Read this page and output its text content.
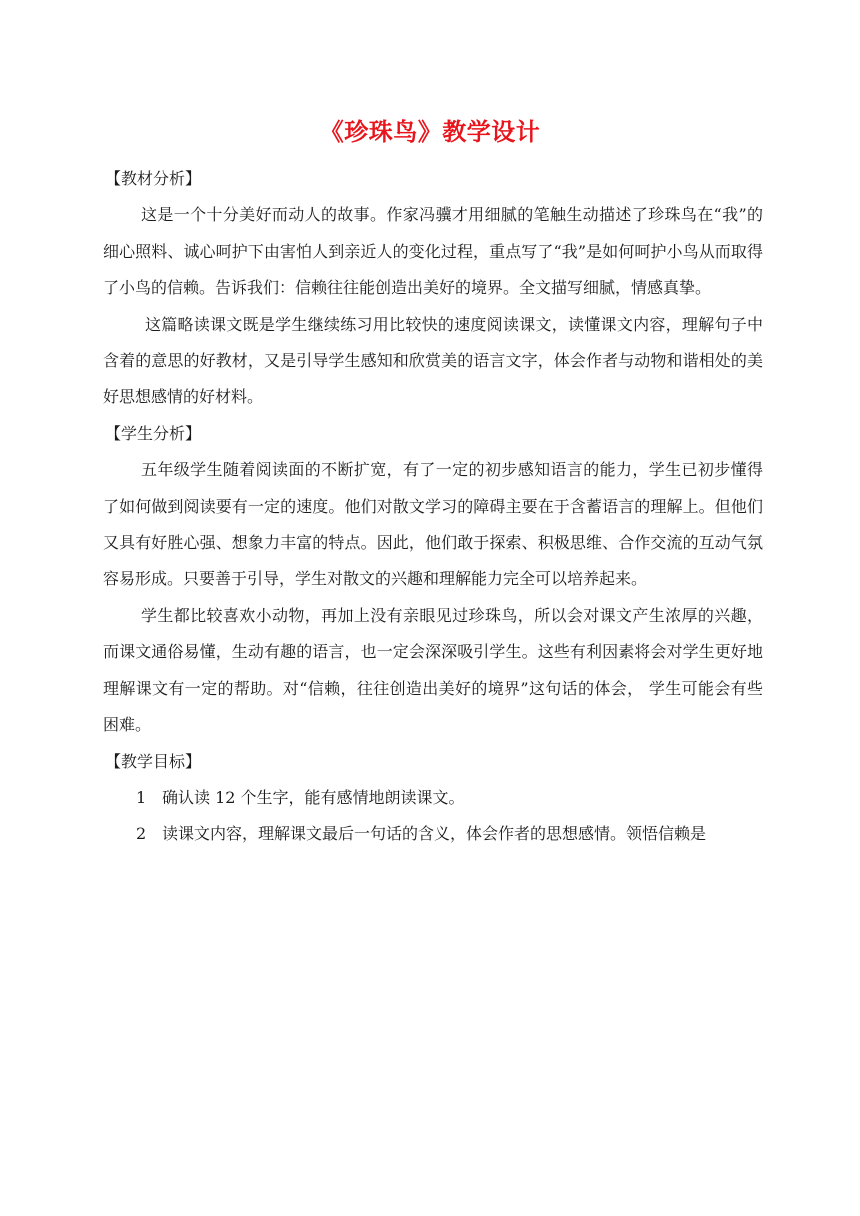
《珍珠鸟》教学设计

【教材分析】

这是一个十分美好而动人的故事。作家冯骥才用细腻的笔触生动描述了珍珠鸟在“我”的细心照料、诚心呵护下由害怕人到亲近人的变化过程，重点写了“我”是如何呵护小鸟从而取得了小鸟的信赖。告诉我们：信赖往往能创造出美好的境界。全文描写细腻，情感真挚。

这篇略读课文既是学生继续练习用比较快的速度阅读课文，读懂课文内容，理解句子中含着的意思的好教材，又是引导学生感知和欣赏美的语言文字，体会作者与动物和谐相处的美好思想感情的好材料。

【学生分析】

五年级学生随着阅读面的不断扩宽，有了一定的初步感知语言的能力，学生已初步懂得了如何做到阅读要有一定的速度。他们对散文学习的障碍主要在于含蓄语言的理解上。但他们又具有好胜心强、想象力丰富的特点。因此，他们敢于探索、积极思维、合作交流的互动气氛容易形成。只要善于引导，学生对散文的兴趣和理解能力完全可以培养起来。

学生都比较喜欢小动物，再加上没有亲眼见过珍珠鸟，所以会对课文产生浓厚的兴趣，而课文通俗易懂，生动有趣的语言，也一定会深深吸引学生。这些有利因素将会对学生更好地理解课文有一定的帮助。对“信赖，往往创造出美好的境界”这句话的体会， 学生可能会有些困难。

【教学目标】

1 确认读 12 个生字，能有感情地朗读课文。

2 读课文内容，理解课文最后一句话的含义，体会作者的思想感情。领悟信赖是
